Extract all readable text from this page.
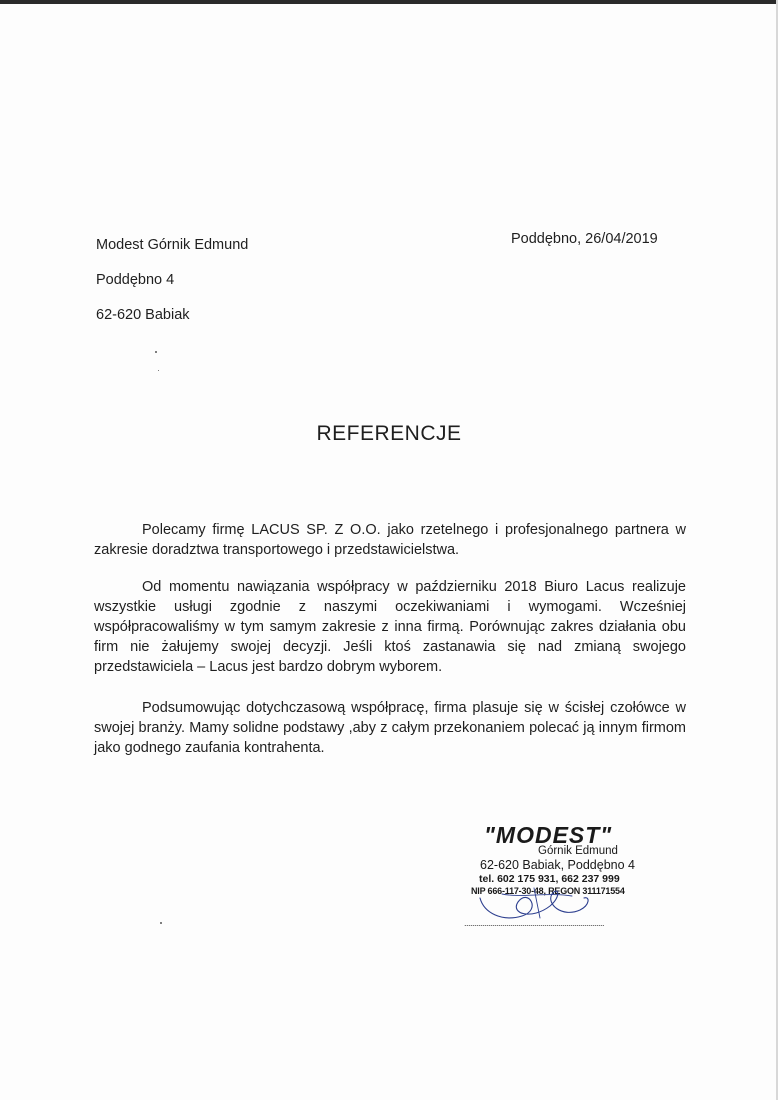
Modest Górnik Edmund
Poddębno 4
62-620 Babiak
Poddębno, 26/04/2019
REFERENCJE
Polecamy firmę LACUS SP. Z O.O. jako rzetelnego i profesjonalnego partnera w
zakresie doradztwa transportowego i przedstawicielstwa.
Od momentu nawiązania współpracy w październiku 2018 Biuro Lacus realizuje
wszystkie usługi zgodnie z naszymi oczekiwaniami i wymogami. Wcześniej
współpracowaliśmy w tym samym zakresie z inna firmą. Porównując zakres działania obu
firm nie żałujemy swojej decyzji. Jeśli ktoś zastanawia się nad zmianą swojego
przedstawiciela – Lacus jest bardzo dobrym wyborem.
Podsumowując dotychczasową współpracę, firma plasuje się w ścisłej czołówce w
swojej branży. Mamy solidne podstawy ,aby z całym przekonaniem polecać ją innym firmom
jako godnego zaufania kontrahenta.
"MODEST"
Górnik Edmund
62-620 Babiak, Poddębno 4
tel. 602 175 931, 662 237 999
NIP 666-117-30-48, REGON 311171554
......................................................................
